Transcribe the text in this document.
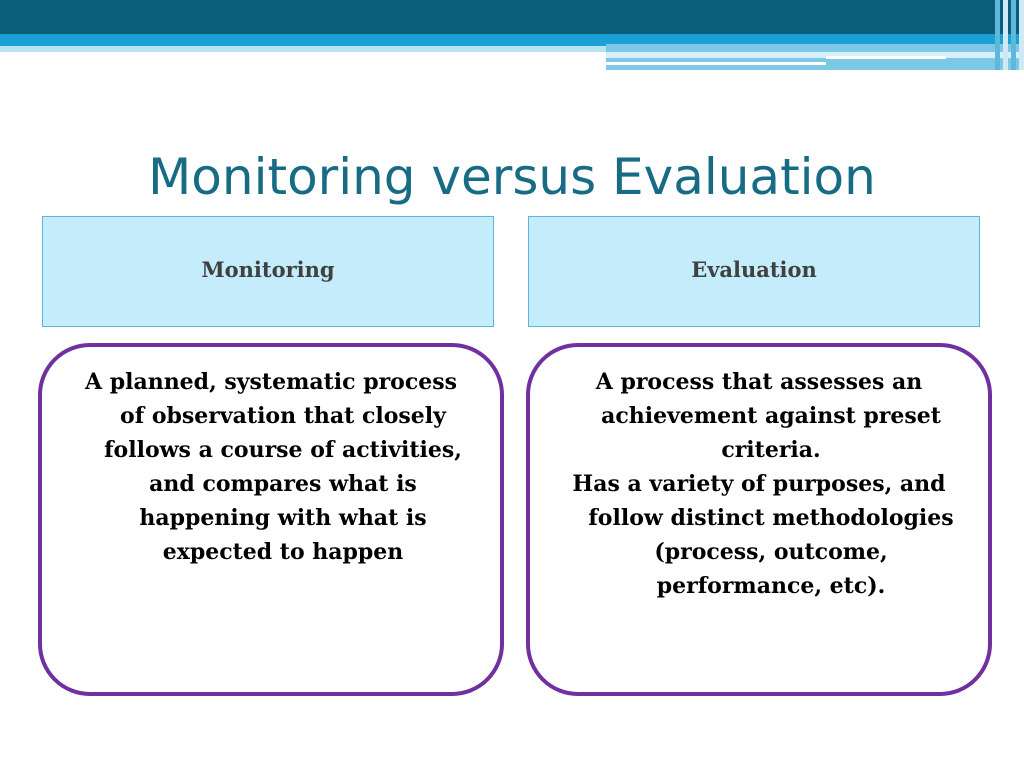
Monitoring versus Evaluation
Monitoring	Evaluation

A planned, systematic process of observation that closely follows a course of activities, and compares what is happening with what is expected to happen

A process that assesses an achievement against preset criteria.

Has a variety of purposes, and follow distinct methodologies (process, outcome, performance, etc).
